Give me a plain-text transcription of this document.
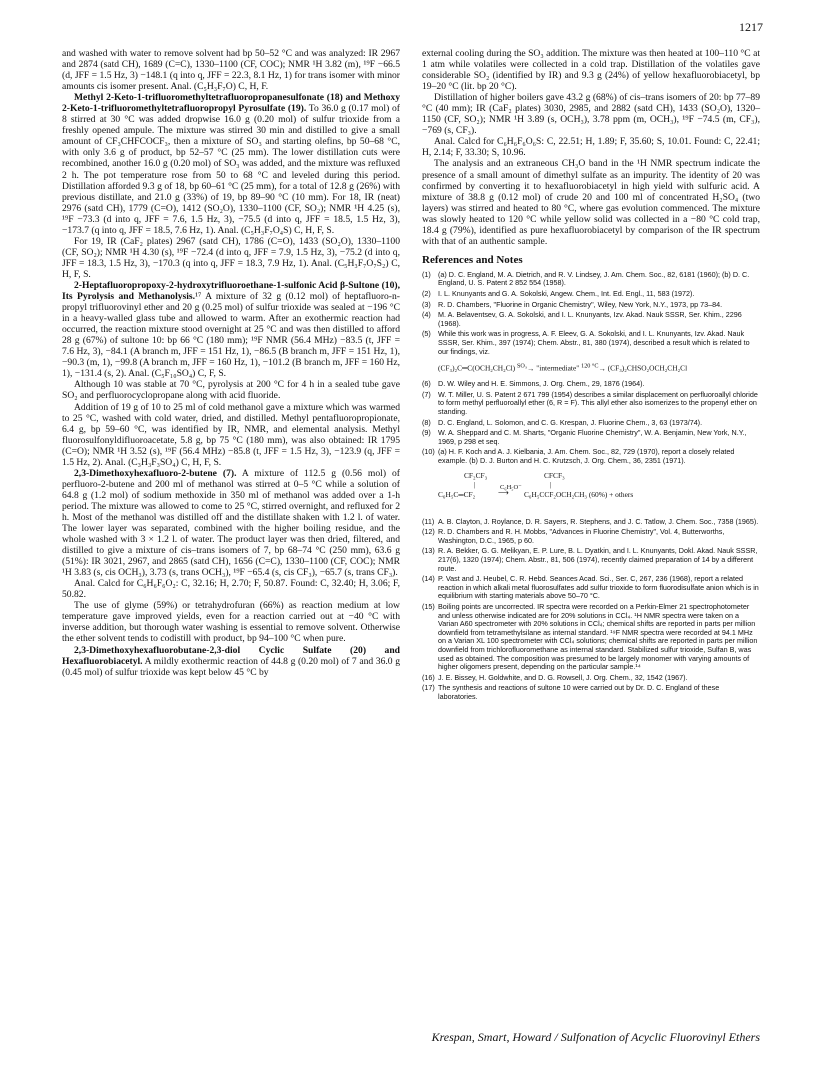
1217

and washed with water to remove solvent had bp 50–52 °C and was analyzed: IR 2967 and 2874 (satd CH), 1689 (C=C), 1330–1100 (CF, COC); NMR ¹H 3.82 (m), ¹⁹F −66.5 (d, JFF = 1.5 Hz, 3) −148.1 (q into q, JFF = 22.3, 8.1 Hz, 1) for trans isomer with minor amounts cis isomer present. Anal. (C₅H₃F₇O) C, H, F.

Methyl 2-Keto-1-trifluoromethyltetrafluoropropanesulfonate (18) and Methoxy 2-Keto-1-trifluoromethyltetrafluoropropyl Pyrosulfate (19). To 36.0 g (0.17 mol) of 8 stirred at 30 °C was added dropwise 16.0 g (0.20 mol) of sulfur trioxide from a freshly opened ampule. The mixture was stirred 30 min and distilled to give a small amount of CF₃CHFCOCF₃, then a mixture of SO₃ and starting olefins, bp 50–68 °C, with only 3.6 g of product, bp 52–57 °C (25 mm). The lower distillation cuts were recombined, another 16.0 g (0.20 mol) of SO₃ was added, and the mixture was refluxed 2 h. The pot temperature rose from 50 to 68 °C and leveled during this period. Distillation afforded 9.3 g of 18, bp 60–61 °C (25 mm), for a total of 12.8 g (26%) with previous distillate, and 21.0 g (33%) of 19, bp 89–90 °C (10 mm). For 18, IR (neat) 2976 (satd CH), 1779 (C=O), 1412 (SO₂O), 1330–1100 (CF, SO₂); NMR ¹H 4.25 (s), ¹⁹F −73.3 (d into q, JFF = 7.6, 1.5 Hz, 3), −75.5 (d into q, JFF = 18.5, 1.5 Hz, 3), −173.7 (q into q, JFF = 18.5, 7.6 Hz, 1). Anal. (C₅H₃F₇O₄S) C, H, F, S.

For 19, IR (CaF₂ plates) 2967 (satd CH), 1786 (C=O), 1433 (SO₂O), 1330–1100 (CF, SO₂); NMR ¹H 4.30 (s), ¹⁹F −72.4 (d into q, JFF = 7.9, 1.5 Hz, 3), −75.2 (d into q, JFF = 18.3, 1.5 Hz, 3), −170.3 (q into q, JFF = 18.3, 7.9 Hz, 1). Anal. (C₅H₃F₇O₇S₂) C, H, F, S.

2-Heptafluoropropoxy-2-hydroxytrifluoroethane-1-sulfonic Acid β-Sultone (10), Its Pyrolysis and Methanolysis.¹⁷ A mixture of 32 g (0.12 mol) of heptafluoro-n-propyl trifluorovinyl ether and 20 g (0.25 mol) of sulfur trioxide was sealed at −196 °C in a heavy-walled glass tube and allowed to warm. After an exothermic reaction had occurred, the reaction mixture stood overnight at 25 °C and was then distilled to afford 28 g (67%) of sultone 10: bp 66 °C (180 mm); ¹⁹F NMR (56.4 MHz) −83.5 (t, JFF = 7.6 Hz, 3), −84.1 (A branch m, JFF = 151 Hz, 1), −86.5 (B branch m, JFF = 151 Hz, 1), −90.3 (m, 1), −99.8 (A branch m, JFF = 160 Hz, 1), −101.2 (B branch m, JFF = 160 Hz, 1), −131.4 (s, 2). Anal. (C₅F₁₀SO₄) C, F, S.

Although 10 was stable at 70 °C, pyrolysis at 200 °C for 4 h in a sealed tube gave SO₂ and perfluorocyclopropane along with acid fluoride.

Addition of 19 g of 10 to 25 ml of cold methanol gave a mixture which was warmed to 25 °C, washed with cold water, dried, and distilled. Methyl pentafluoropropionate, 6.4 g, bp 59–60 °C, was identified by IR, NMR, and elemental analysis. Methyl fluorosulfonyldifluoroacetate, 5.8 g, bp 75 °C (180 mm), was also obtained: IR 1795 (C=O); NMR ¹H 3.52 (s), ¹⁹F (56.4 MHz) −85.8 (t, JFF = 1.5 Hz, 3), −123.9 (q, JFF = 1.5 Hz, 2). Anal. (C₃H₃F₃SO₄) C, H, F, S.

2,3-Dimethoxyhexafluoro-2-butene (7). A mixture of 112.5 g (0.56 mol) of perfluoro-2-butene and 200 ml of methanol was stirred at 0–5 °C while a solution of 64.8 g (1.2 mol) of sodium methoxide in 350 ml of methanol was added over a 1-h period. The mixture was allowed to come to 25 °C, stirred overnight, and refluxed for 2 h. Most of the methanol was distilled off and the distillate shaken with 1.2 l. of water. The lower layer was separated, combined with the higher boiling residue, and the whole washed with 3 × 1.2 l. of water. The product layer was then dried, filtered, and distilled to give a mixture of cis–trans isomers of 7, bp 68–74 °C (250 mm), 63.6 g (51%): IR 3021, 2967, and 2865 (satd CH), 1656 (C=C), 1330–1100 (CF, COC); NMR ¹H 3.83 (s, cis OCH₃), 3.73 (s, trans OCH₃), ¹⁹F −65.4 (s, cis CF₃), −65.7 (s, trans CF₃).

Anal. Calcd for C₆H₆F₆O₂: C, 32.16; H, 2.70; F, 50.87. Found: C, 32.40; H, 3.06; F, 50.82.

The use of glyme (59%) or tetrahydrofuran (66%) as reaction medium at low temperature gave improved yields, even for a reaction carried out at −40 °C with inverse addition, but thorough water washing is essential to remove solvent. Otherwise the ether solvent tends to codistill with product, bp 94–100 °C when pure.

2,3-Dimethoxyhexafluorobutane-2,3-diol Cyclic Sulfate (20) and Hexafluorobiacetyl. A mildly exothermic reaction of 44.8 g (0.20 mol) of 7 and 36.0 g (0.45 mol) of sulfur trioxide was kept below 45 °C by

external cooling during the SO₃ addition. The mixture was then heated at 100–110 °C at 1 atm while volatiles were collected in a cold trap. Distillation of the volatiles gave considerable SO₂ (identified by IR) and 9.3 g (24%) of yellow hexafluorobiacetyl, bp 19–20 °C (lit. bp 20 °C).

Distillation of higher boilers gave 43.2 g (68%) of cis–trans isomers of 20: bp 77–89 °C (40 mm); IR (CaF₂ plates) 3030, 2985, and 2882 (satd CH), 1433 (SO₂O), 1320–1150 (CF, SO₂); NMR ¹H 3.89 (s, OCH₃), 3.78 ppm (m, OCH₃), ¹⁹F −74.5 (m, CF₃), −769 (s, CF₃).

Anal. Calcd for C₆H₆F₆O₆S: C, 22.51; H, 1.89; F, 35.60; S, 10.01. Found: C, 22.41; H, 2.14; F, 33.30; S, 10.96.

The analysis and an extraneous CH₃O band in the ¹H NMR spectrum indicate the presence of a small amount of dimethyl sulfate as an impurity. The identity of 20 was confirmed by converting it to hexafluorobiacetyl in high yield with sulfuric acid. A mixture of 38.8 g (0.12 mol) of crude 20 and 100 ml of concentrated H₂SO₄ (two layers) was stirred and heated to 80 °C, where gas evolution commenced. The mixture was slowly heated to 120 °C while yellow solid was collected in a −80 °C cold trap, 18.4 g (79%), identified as pure hexafluorobiacetyl by comparison of the IR spectrum with that of an authentic sample.

References and Notes
(1)	(a) D. C. England, M. A. Dietrich, and R. V. Lindsey, J. Am. Chem. Soc., 82, 6181 (1960); (b) D. C. England, U. S. Patent 2 852 554 (1958).
(2)	I. L. Knunyants and G. A. Sokolski, Angew. Chem., Int. Ed. Engl., 11, 583 (1972).
(3)	R. D. Chambers, "Fluorine in Organic Chemistry", Wiley, New York, N.Y., 1973, pp 73–84.
(4)	M. A. Belaventsev, G. A. Sokolski, and I. L. Knunyants, Izv. Akad. Nauk SSSR, Ser. Khim., 2296 (1968).
(5)	While this work was in progress, A. F. Eleev, G. A. Sokolski, and I. L. Knunyants, Izv. Akad. Nauk SSSR, Ser. Khim., 397 (1974); Chem. Abstr., 81, 380 (1974), described a result which is related to our findings, viz.
(CF₃)₂C═C(OCH₂CH₂Cl) $^{SO_3}$→ "intermediate" $^{120 ^\circ C}$→ (CF₃)₂CHSO₂OCH₂CH₂Cl
(6)	D. W. Wiley and H. E. Simmons, J. Org. Chem., 29, 1876 (1964).
(7)	W. T. Miller, U. S. Patent 2 671 799 (1954) describes a similar displacement on perfluoroallyl chloride to form methyl perfluoroallyl ether (6, R = F). This allyl ether also isomerizes to the propenyl ether on standing.
(8)	D. C. England, L. Solomon, and C. G. Krespan, J. Fluorine Chem., 3, 63 (1973/74).
(9)	W. A. Sheppard and C. M. Sharts, "Organic Fluorine Chemistry", W. A. Benjamin, New York, N.Y., 1969, p 298 et seq.
(10) (a) H. F. Koch and A. J. Kielbania, J. Am. Chem. Soc., 82, 729 (1970), report a closely related example. (b) D. J. Burton and H. C. Krutzsch, J. Org. Chem., 36, 2351 (1971).
CF₂CF₃
|
C₆H₅C═CF₂
C₆H₅O⁻
⟶
CFCF₃
|
C₆H₅CCF₂OCH₂CH₃ (60%) + others
(11) A. B. Clayton, J. Roylance, D. R. Sayers, R. Stephens, and J. C. Tatlow, J. Chem. Soc., 7358 (1965).
(12) R. D. Chambers and R. H. Mobbs, "Advances in Fluorine Chemistry", Vol. 4, Butterworths, Washington, D.C., 1965, p 60.
(13) R. A. Bekker, G. G. Melikyan, E. P. Lure, B. L. Dyatkin, and I. L. Knunyants, Dokl. Akad. Nauk SSSR, 217(6), 1320 (1974); Chem. Abstr., 81, 506 (1974), recently claimed preparation of 14 by a different route.
(14) P. Vast and J. Heubel, C. R. Hebd. Seances Acad. Sci., Ser. C, 267, 236 (1968), report a related reaction in which alkali metal fluorosulfates add sulfur trioxide to form fluorodisulfate anion which is in equilibrium with starting materials above 50–70 °C.
(15) Boiling points are uncorrected. IR spectra were recorded on a Perkin-Elmer 21 spectrophotometer and unless otherwise indicated are for 20% solutions in CCl₄. ¹H NMR spectra were taken on a Varian A60 spectrometer with 20% solutions in CCl₄; chemical shifts are reported in parts per million downfield from tetramethylsilane as internal standard. ¹⁹F NMR spectra were recorded at 94.1 MHz on a Varian XL 100 spectrometer with CCl₄ solutions; chemical shifts are reported in parts per million downfield from trichlorofluoromethane as internal standard. Stabilized sulfur trioxide, Sulfan B, was used as obtained. The composition was presumed to be largely monomer with varying amounts of higher oligomers present, depending on the particular sample.¹⁴
(16) J. E. Bissey, H. Goldwhite, and D. G. Rowsell, J. Org. Chem., 32, 1542 (1967).
(17) The synthesis and reactions of sultone 10 were carried out by Dr. D. C. England of these laboratories.
Krespan, Smart, Howard / Sulfonation of Acyclic Fluorovinyl Ethers
